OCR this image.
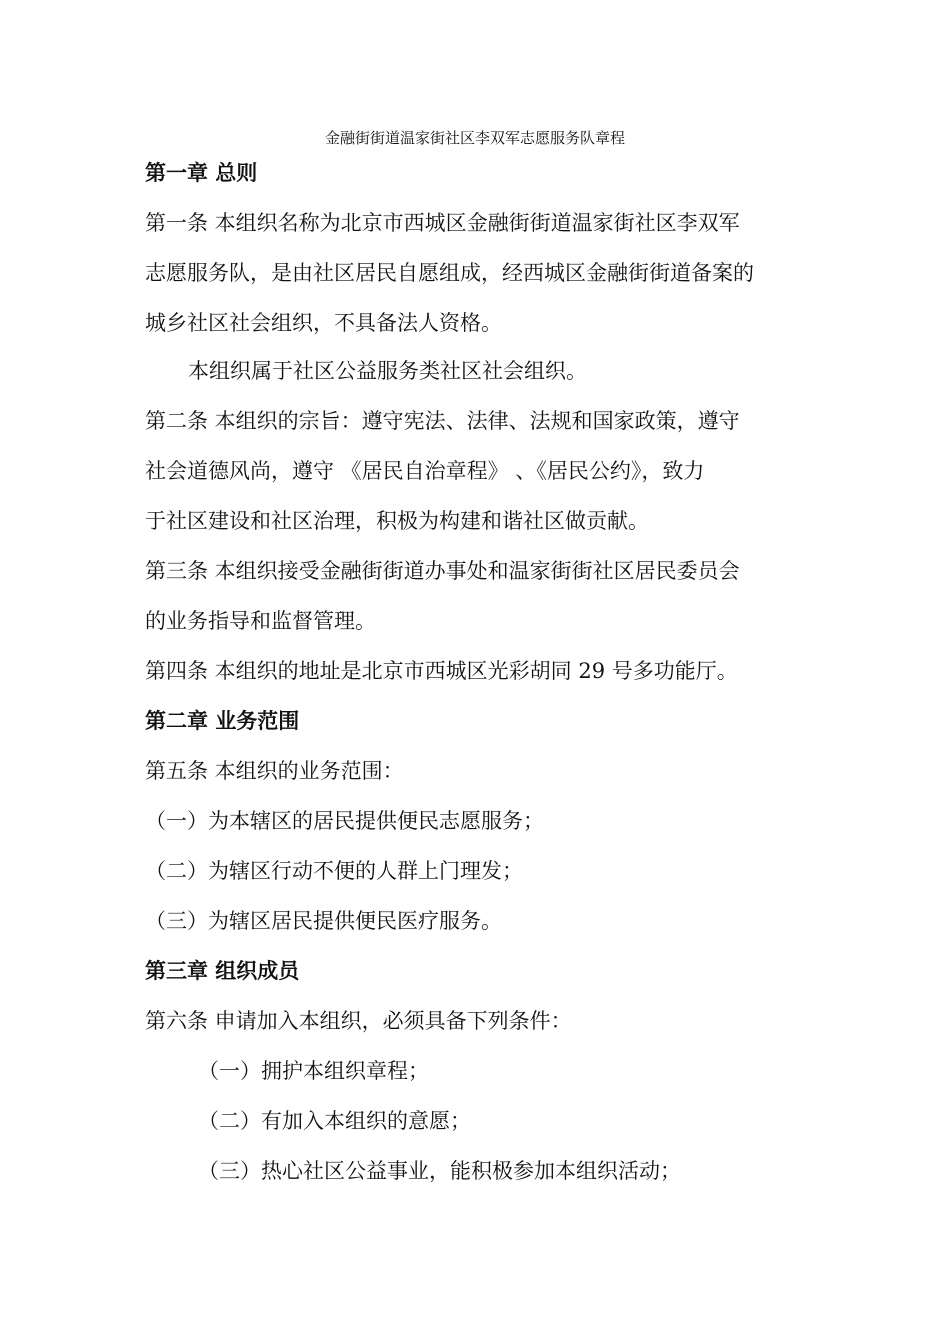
金融街街道温家街社区李双军志愿服务队章程
第一章 总则
第一条 本组织名称为北京市西城区金融街街道温家街社区李双军
志愿服务队，是由社区居民自愿组成，经西城区金融街街道备案的
城乡社区社会组织，不具备法人资格。
本组织属于社区公益服务类社区社会组织。
第二条 本组织的宗旨：遵守宪法、法律、法规和国家政策，遵守
社会道德风尚，遵守 《居民自治章程》 、《居民公约》，致力
于社区建设和社区治理，积极为构建和谐社区做贡献。
第三条 本组织接受金融街街道办事处和温家街街社区居民委员会
的业务指导和监督管理。
第四条 本组织的地址是北京市西城区光彩胡同 29 号多功能厅。
第二章 业务范围
第五条 本组织的业务范围：
（一）为本辖区的居民提供便民志愿服务；
（二）为辖区行动不便的人群上门理发；
（三）为辖区居民提供便民医疗服务。
第三章 组织成员
第六条 申请加入本组织，必须具备下列条件：
（一）拥护本组织章程；
（二）有加入本组织的意愿；
（三）热心社区公益事业，能积极参加本组织活动；
